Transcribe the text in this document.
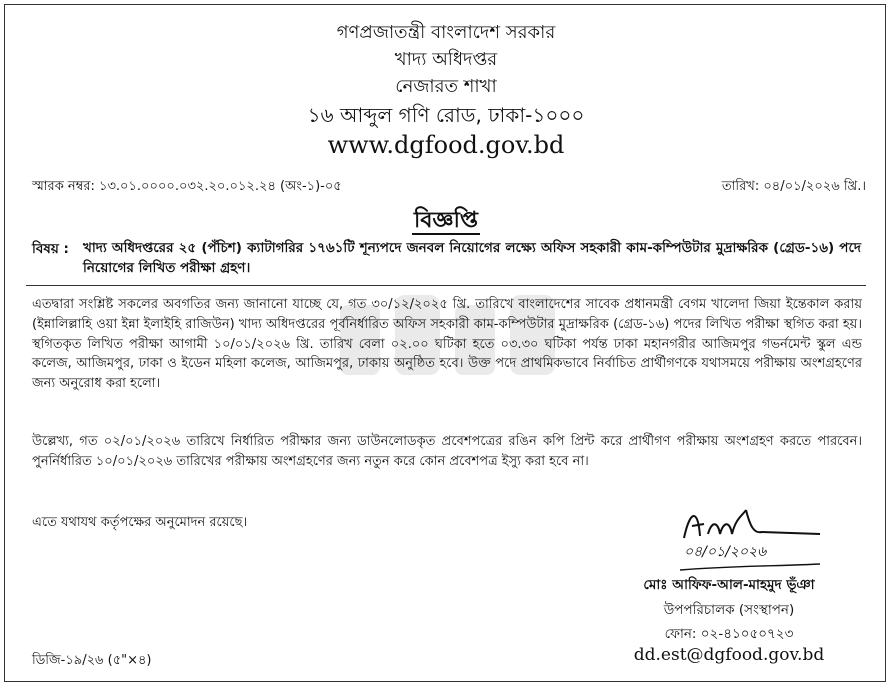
গণপ্রজাতন্ত্রী বাংলাদেশ সরকার
খাদ্য অধিদপ্তর
নেজারত শাখা
১৬ আব্দুল গণি রোড, ঢাকা-১০০০
www.dgfood.gov.bd
স্মারক নম্বর: ১৩.০১.০০০০.০৩২.২০.০১২.২৪ (অং-১)-০৫	তারিখ: ০৪/০১/২০২৬ খ্রি.।
বিজ্ঞপ্তি
বিষয় : খাদ্য অধিদপ্তরের ২৫ (পঁচিশ) ক্যাটাগরির ১৭৬১টি শূন্যপদে জনবল নিয়োগের লক্ষ্যে অফিস সহকারী কাম-কম্পিউটার মুদ্রাক্ষরিক (গ্রেড-১৬) পদে নিয়োগের লিখিত পরীক্ষা গ্রহণ।
এতদ্বারা সংশ্লিষ্ট সকলের অবগতির জন্য জানানো যাচ্ছে যে, গত ৩০/১২/২০২৫ খ্রি. তারিখে বাংলাদেশের সাবেক প্রধানমন্ত্রী বেগম খালেদা জিয়া ইন্তেকাল করায় (ইন্নালিল্লাহি ওয়া ইন্না ইলাইহি রাজিউন) খাদ্য অধিদপ্তরের পূর্বনির্ধারিত অফিস সহকারী কাম-কম্পিউটার মুদ্রাক্ষরিক (গ্রেড-১৬) পদের লিখিত পরীক্ষা স্থগিত করা হয়। স্থগিতকৃত লিখিত পরীক্ষা আগামী ১০/০১/২০২৬ খ্রি. তারিখ বেলা ০২.০০ ঘটিকা হতে ০৩.৩০ ঘটিকা পর্যন্ত ঢাকা মহানগরীর আজিমপুর গভর্নমেন্ট স্কুল এন্ড কলেজ, আজিমপুর, ঢাকা ও ইডেন মহিলা কলেজ, আজিমপুর, ঢাকায় অনুষ্ঠিত হবে। উক্ত পদে প্রাথমিকভাবে নির্বাচিত প্রার্থীগণকে যথাসময়ে পরীক্ষায় অংশগ্রহণের জন্য অনুরোধ করা হলো।
উল্লেখ্য, গত ০২/০১/২০২৬ তারিখে নির্ধারিত পরীক্ষার জন্য ডাউনলোডকৃত প্রবেশপত্রের রঙিন কপি প্রিন্ট করে প্রার্থীগণ পরীক্ষায় অংশগ্রহণ করতে পারবেন। পুনর্নির্ধারিত ১০/০১/২০২৬ তারিখের পরীক্ষায় অংশগ্রহণের জন্য নতুন করে কোন প্রবেশপত্র ইস্যু করা হবে না।
এতে যথাযথ কর্তৃপক্ষের অনুমোদন রয়েছে।
০৪/০১/২০২৬
মোঃ আফিফ-আল-মাহমুদ ভূঁঞা
উপপরিচালক (সংস্থাপন)
ফোন: ০২-৪১০৫০৭২৩
dd.est@dgfood.gov.bd
ডিজি-১৯/২৬ (৫"×৪)
